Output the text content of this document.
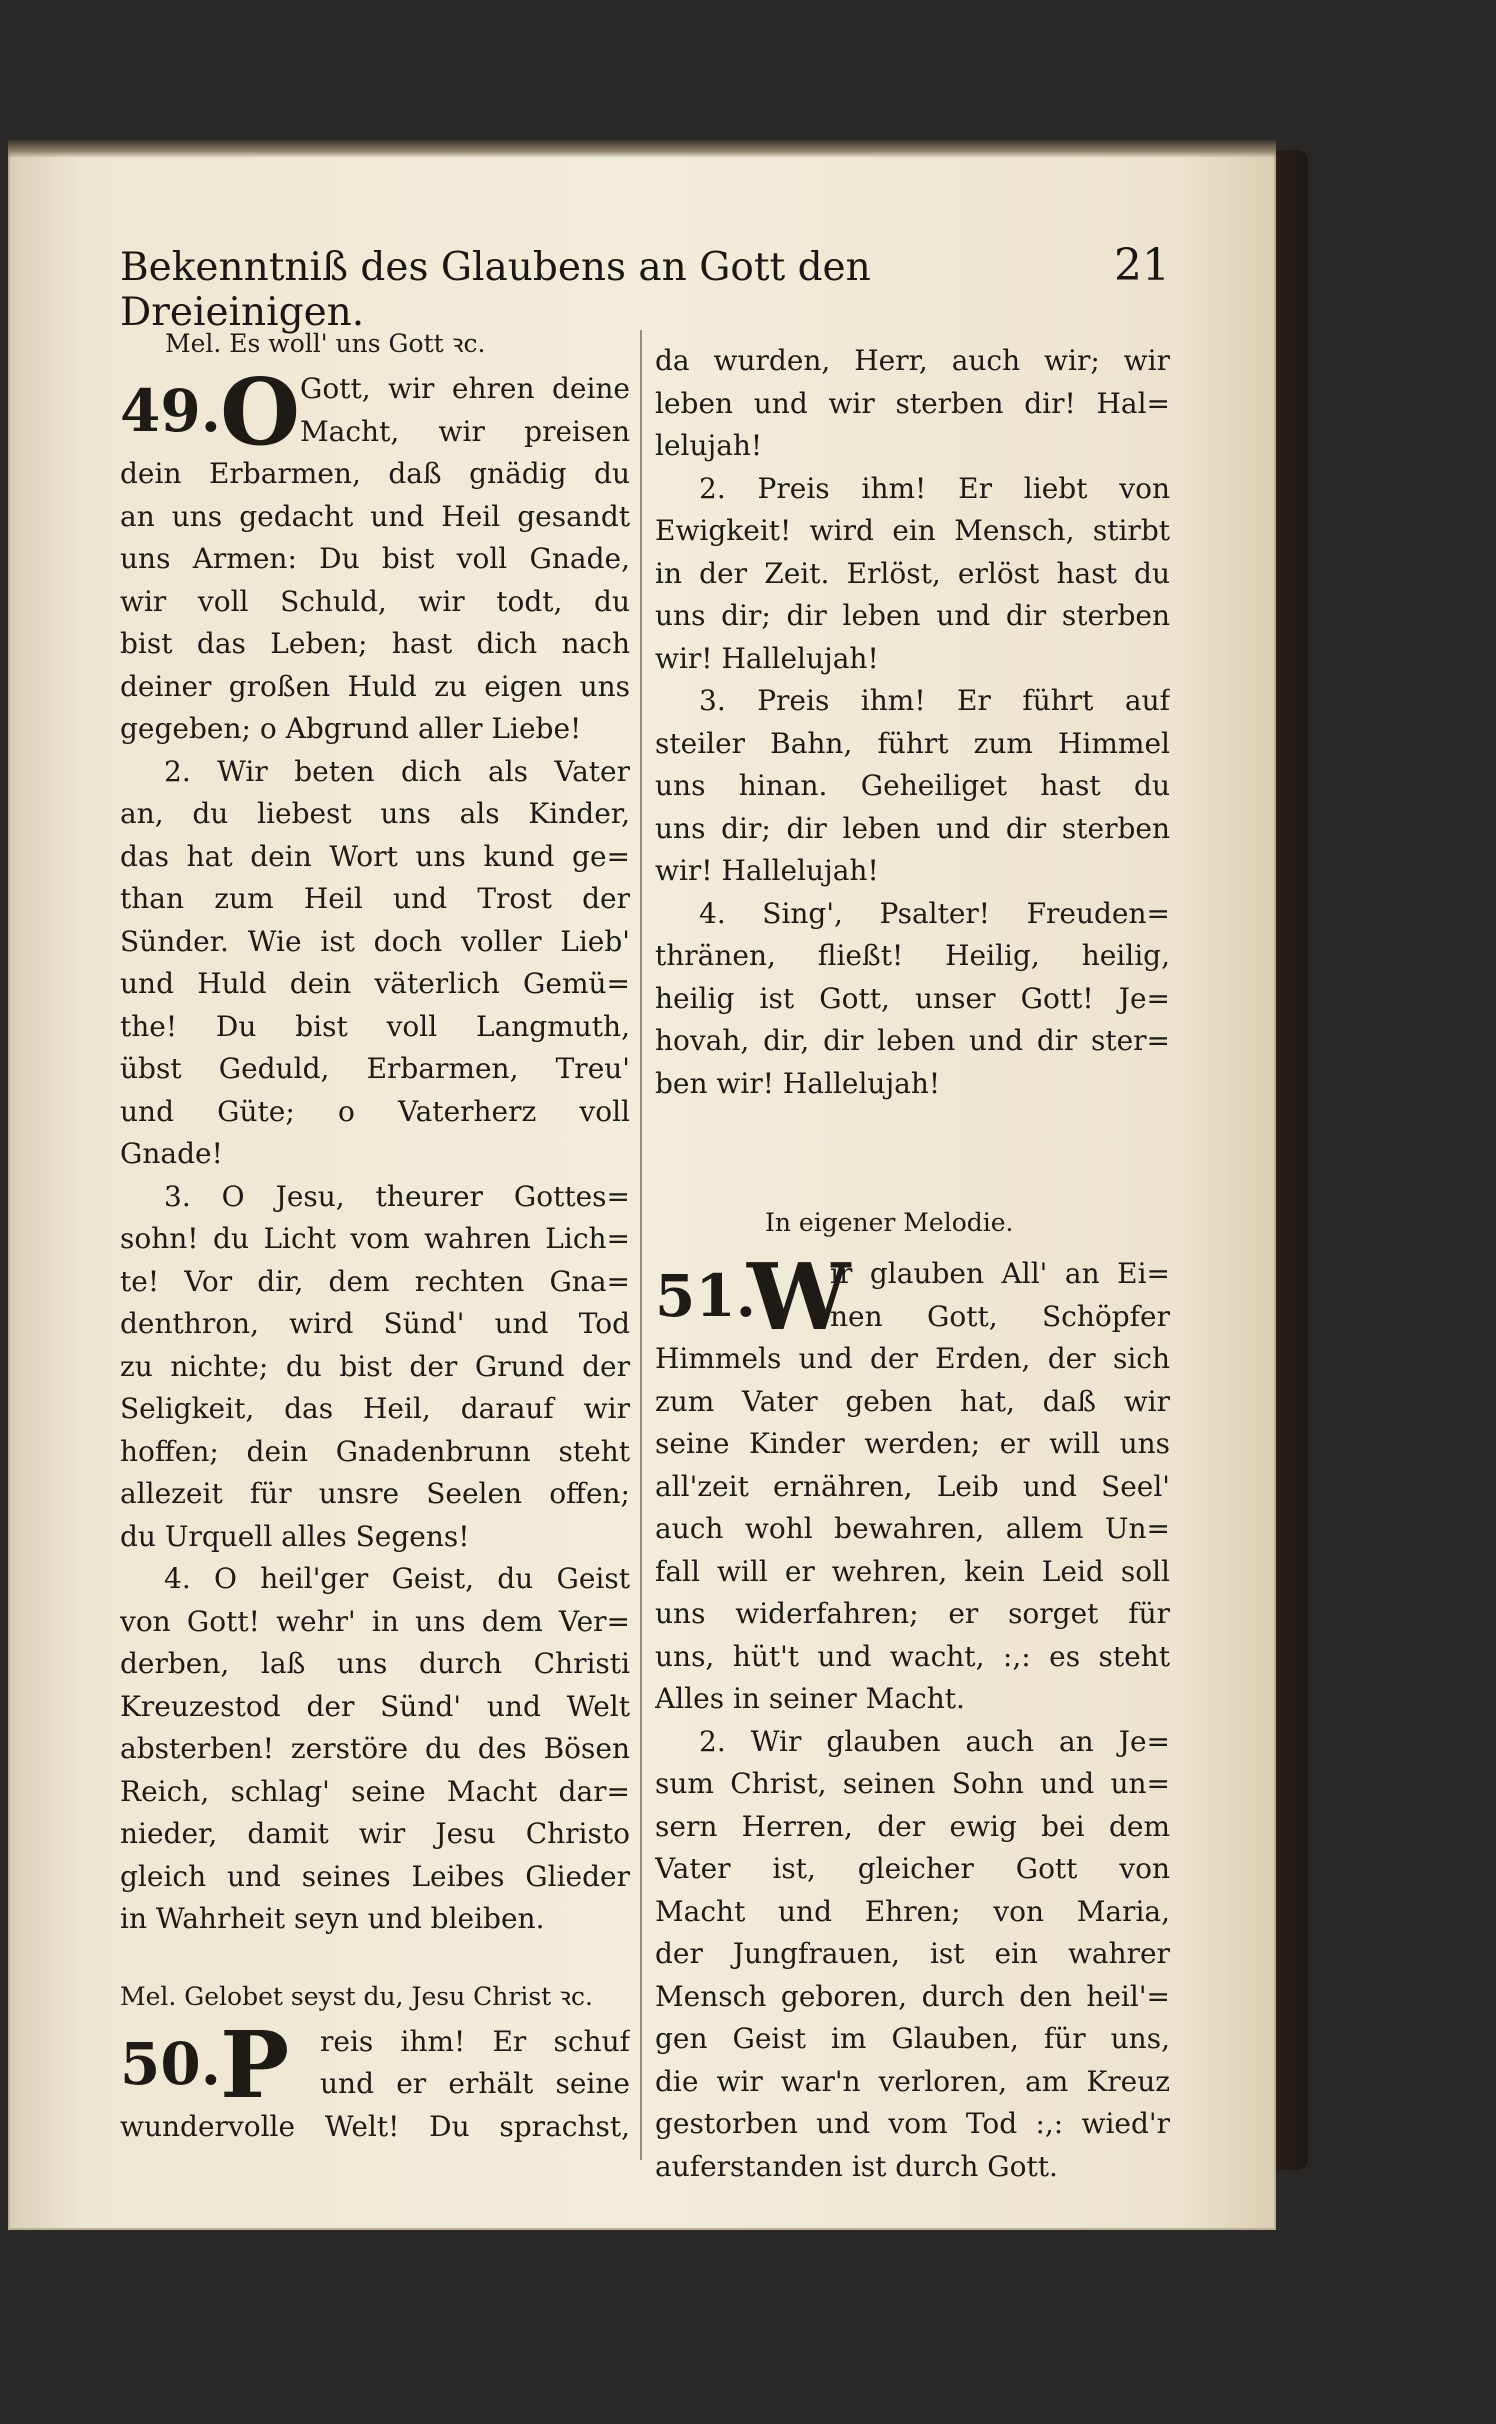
Bekenntniß des Glaubens an Gott den Dreieinigen.
21
Mel. Es woll' uns Gott ꝛc.
49. O Gott, wir ehren deine
Macht, wir preisen
dein Erbarmen, daß gnädig du
an uns gedacht und Heil gesandt
uns Armen: Du bist voll Gnade,
wir voll Schuld, wir todt, du
bist das Leben; hast dich nach
deiner großen Huld zu eigen uns
gegeben; o Abgrund aller Liebe!
2. Wir beten dich als Vater
an, du liebest uns als Kinder,
das hat dein Wort uns kund ge=
than zum Heil und Trost der
Sünder. Wie ist doch voller Lieb'
und Huld dein väterlich Gemü=
the! Du bist voll Langmuth,
übst Geduld, Erbarmen, Treu'
und Güte; o Vaterherz voll
Gnade!
3. O Jesu, theurer Gottes=
sohn! du Licht vom wahren Lich=
te! Vor dir, dem rechten Gna=
denthron, wird Sünd' und Tod
zu nichte; du bist der Grund der
Seligkeit, das Heil, darauf wir
hoffen; dein Gnadenbrunn steht
allezeit für unsre Seelen offen;
du Urquell alles Segens!
4. O heil'ger Geist, du Geist
von Gott! wehr' in uns dem Ver=
derben, laß uns durch Christi
Kreuzestod der Sünd' und Welt
absterben! zerstöre du des Bösen
Reich, schlag' seine Macht dar=
nieder, damit wir Jesu Christo
gleich und seines Leibes Glieder
in Wahrheit seyn und bleiben.
Mel. Gelobet seyst du, Jesu Christ ꝛc.
50. P reis ihm! Er schuf
und er erhält seine
wundervolle Welt! Du sprachst,
da wurden, Herr, auch wir; wir
leben und wir sterben dir! Hal=
lelujah!
2. Preis ihm! Er liebt von
Ewigkeit! wird ein Mensch, stirbt
in der Zeit. Erlöst, erlöst hast du
uns dir; dir leben und dir sterben
wir! Hallelujah!
3. Preis ihm! Er führt auf
steiler Bahn, führt zum Himmel
uns hinan. Geheiliget hast du
uns dir; dir leben und dir sterben
wir! Hallelujah!
4. Sing', Psalter! Freuden=
thränen, fließt! Heilig, heilig,
heilig ist Gott, unser Gott! Je=
hovah, dir, dir leben und dir ster=
ben wir! Hallelujah!
In eigener Melodie.
51.
W
ir glauben All' an Ei=
nen Gott, Schöpfer
Himmels und der Erden, der sich
zum Vater geben hat, daß wir
seine Kinder werden; er will uns
all'zeit ernähren, Leib und Seel'
auch wohl bewahren, allem Un=
fall will er wehren, kein Leid soll
uns widerfahren; er sorget für
uns, hüt't und wacht, :,: es steht
Alles in seiner Macht.
2. Wir glauben auch an Je=
sum Christ, seinen Sohn und un=
sern Herren, der ewig bei dem
Vater ist, gleicher Gott von
Macht und Ehren; von Maria,
der Jungfrauen, ist ein wahrer
Mensch geboren, durch den heil'=
gen Geist im Glauben, für uns,
die wir war'n verloren, am Kreuz
gestorben und vom Tod :,: wied'r
auferstanden ist durch Gott.
